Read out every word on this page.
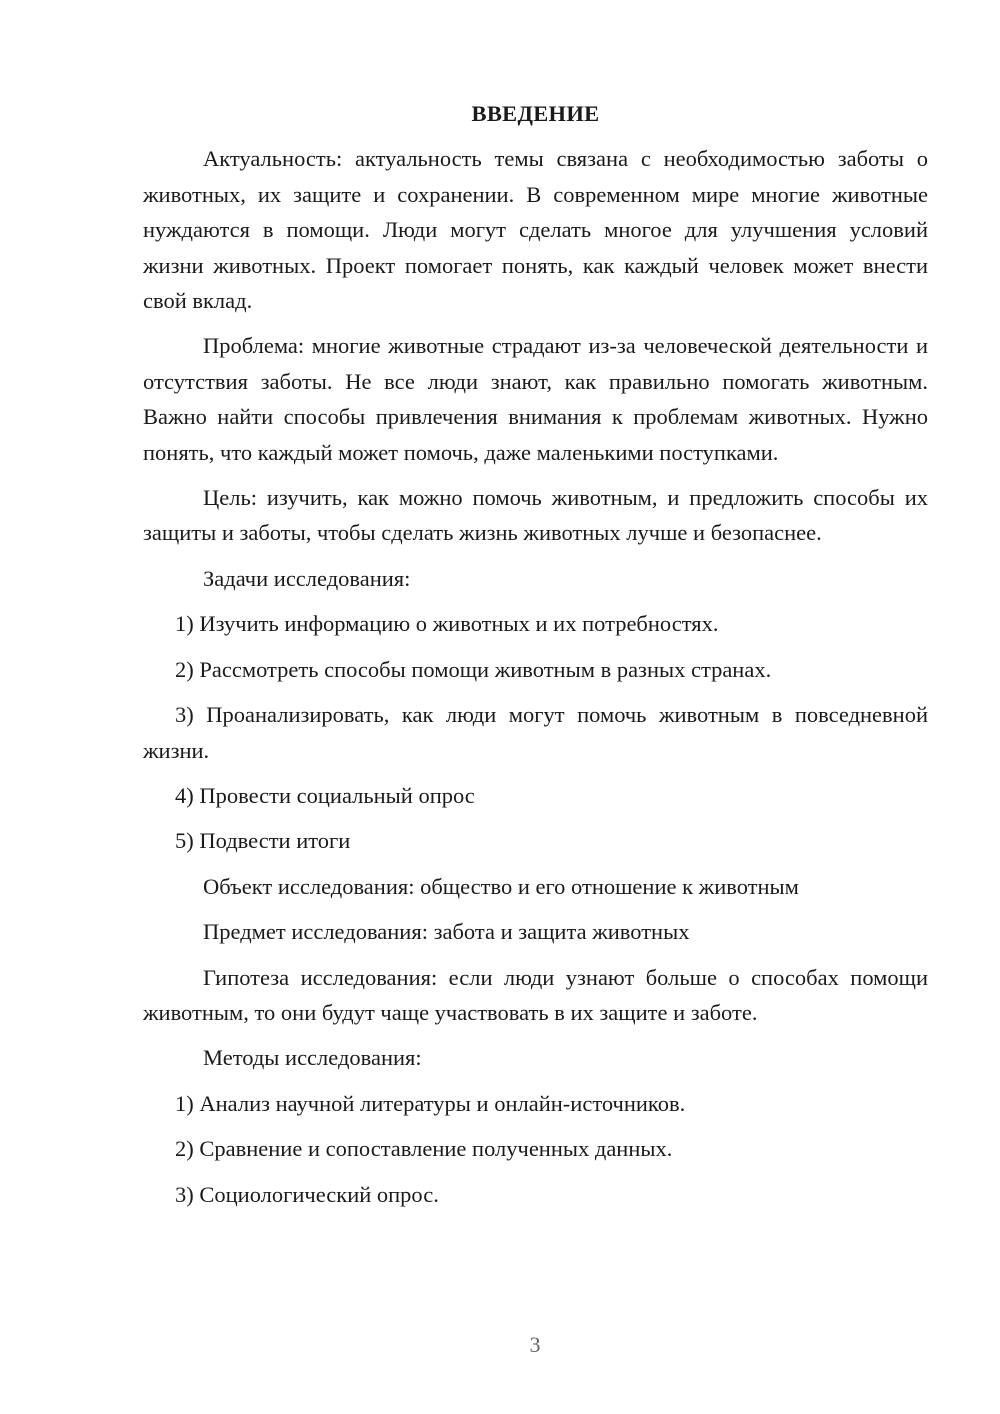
ВВЕДЕНИЕ

Актуальность: актуальность темы связана с необходимостью заботы о животных, их защите и сохранении. В современном мире многие животные нуждаются в помощи. Люди могут сделать многое для улучшения условий жизни животных. Проект помогает понять, как каждый человек может внести свой вклад.

Проблема: многие животные страдают из-за человеческой деятельности и отсутствия заботы. Не все люди знают, как правильно помогать животным. Важно найти способы привлечения внимания к проблемам животных. Нужно понять, что каждый может помочь, даже маленькими поступками.

Цель: изучить, как можно помочь животным, и предложить способы их защиты и заботы, чтобы сделать жизнь животных лучше и безопаснее.

Задачи исследования:

1) Изучить информацию о животных и их потребностях.

2) Рассмотреть способы помощи животным в разных странах.

3) Проанализировать, как люди могут помочь животным в повседневной жизни.

4) Провести социальный опрос

5) Подвести итоги

Объект исследования: общество и его отношение к животным

Предмет исследования: забота и защита животных

Гипотеза исследования: если люди узнают больше о способах помощи животным, то они будут чаще участвовать в их защите и заботе.

Методы исследования:

1) Анализ научной литературы и онлайн-источников.

2) Сравнение и сопоставление полученных данных.

3) Социологический опрос.

3
